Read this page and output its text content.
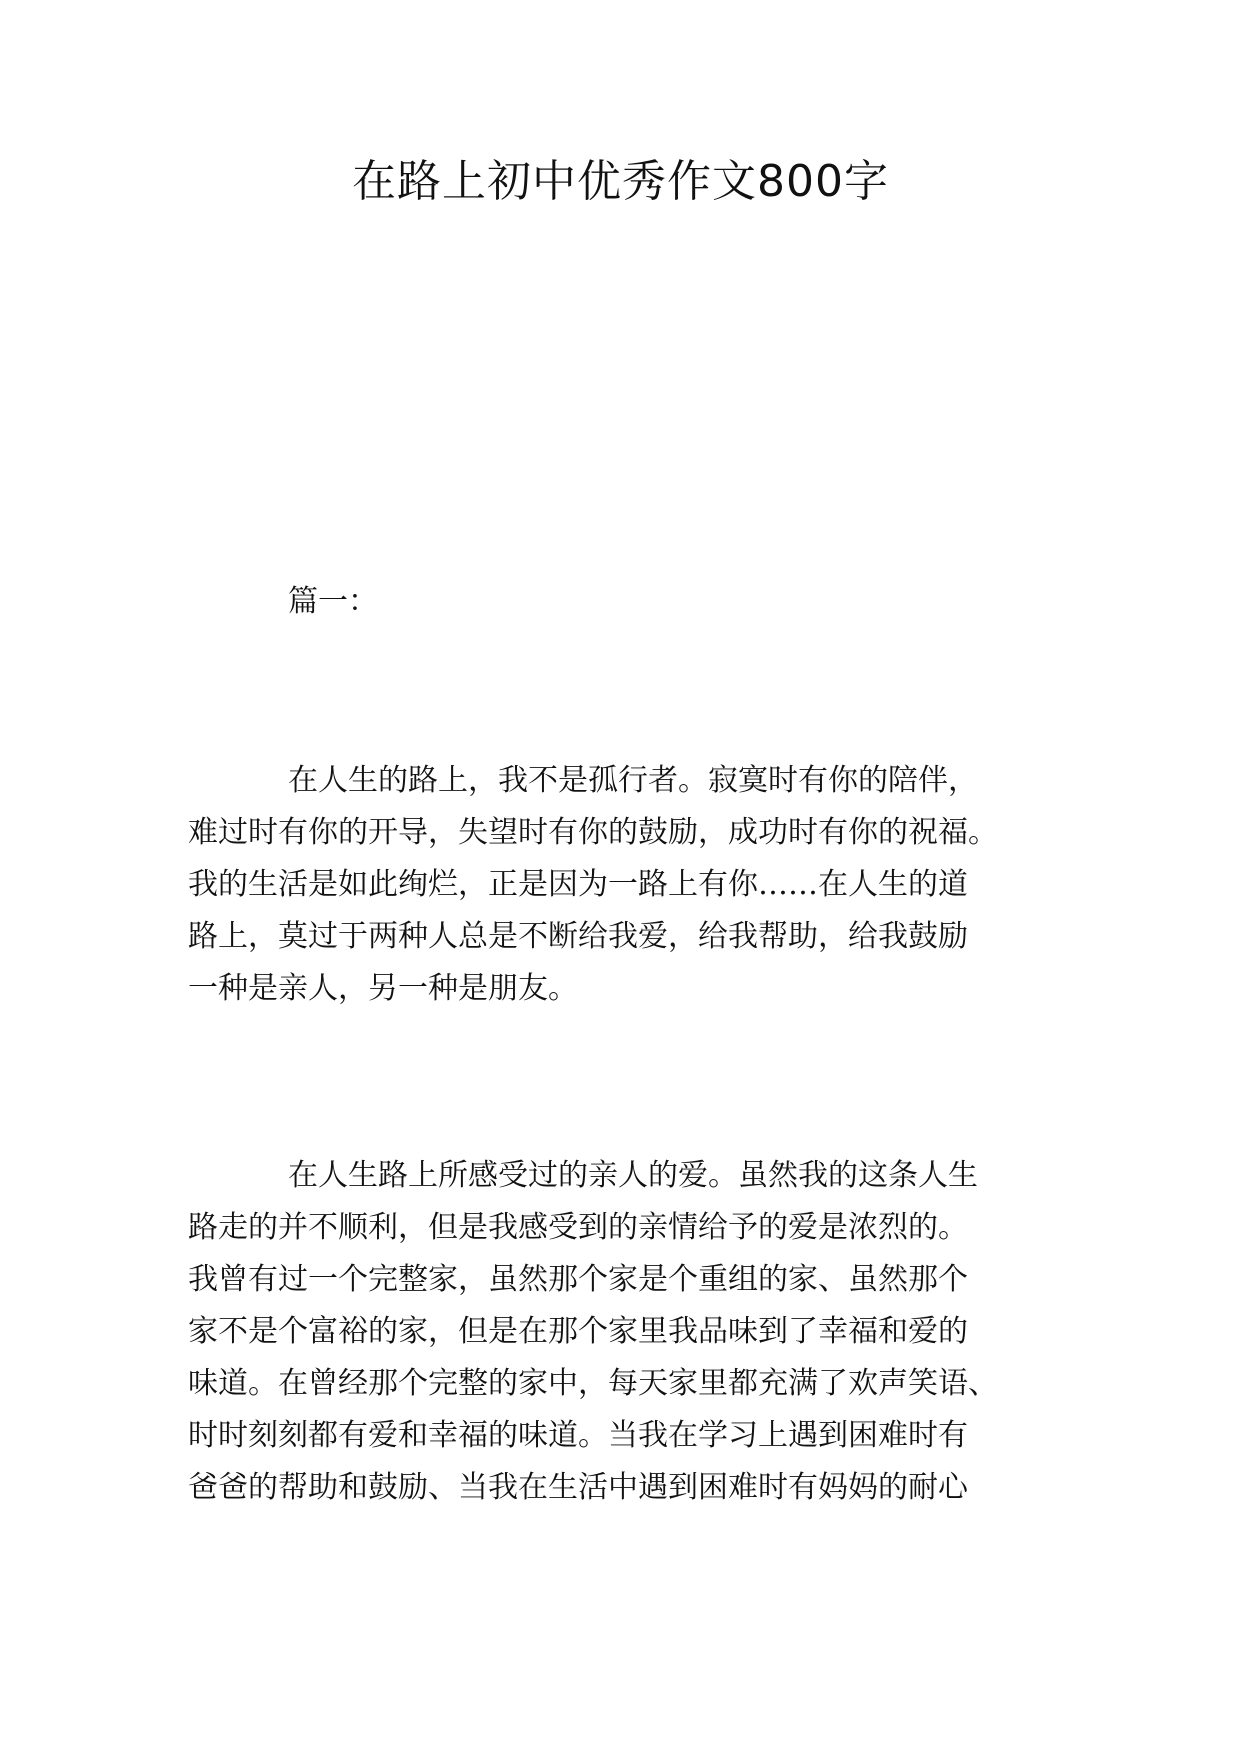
在路上初中优秀作文800字
篇一：

在人生的路上，我不是孤行者。寂寞时有你的陪伴，
难过时有你的开导，失望时有你的鼓励，成功时有你的祝福。
我的生活是如此绚烂，正是因为一路上有你……在人生的道
路上，莫过于两种人总是不断给我爱，给我帮助，给我鼓励
一种是亲人，另一种是朋友。

在人生路上所感受过的亲人的爱。虽然我的这条人生
路走的并不顺利，但是我感受到的亲情给予的爱是浓烈的。
我曾有过一个完整家，虽然那个家是个重组的家、虽然那个
家不是个富裕的家，但是在那个家里我品味到了幸福和爱的
味道。在曾经那个完整的家中，每天家里都充满了欢声笑语、
时时刻刻都有爱和幸福的味道。当我在学习上遇到困难时有
爸爸的帮助和鼓励、当我在生活中遇到困难时有妈妈的耐心
